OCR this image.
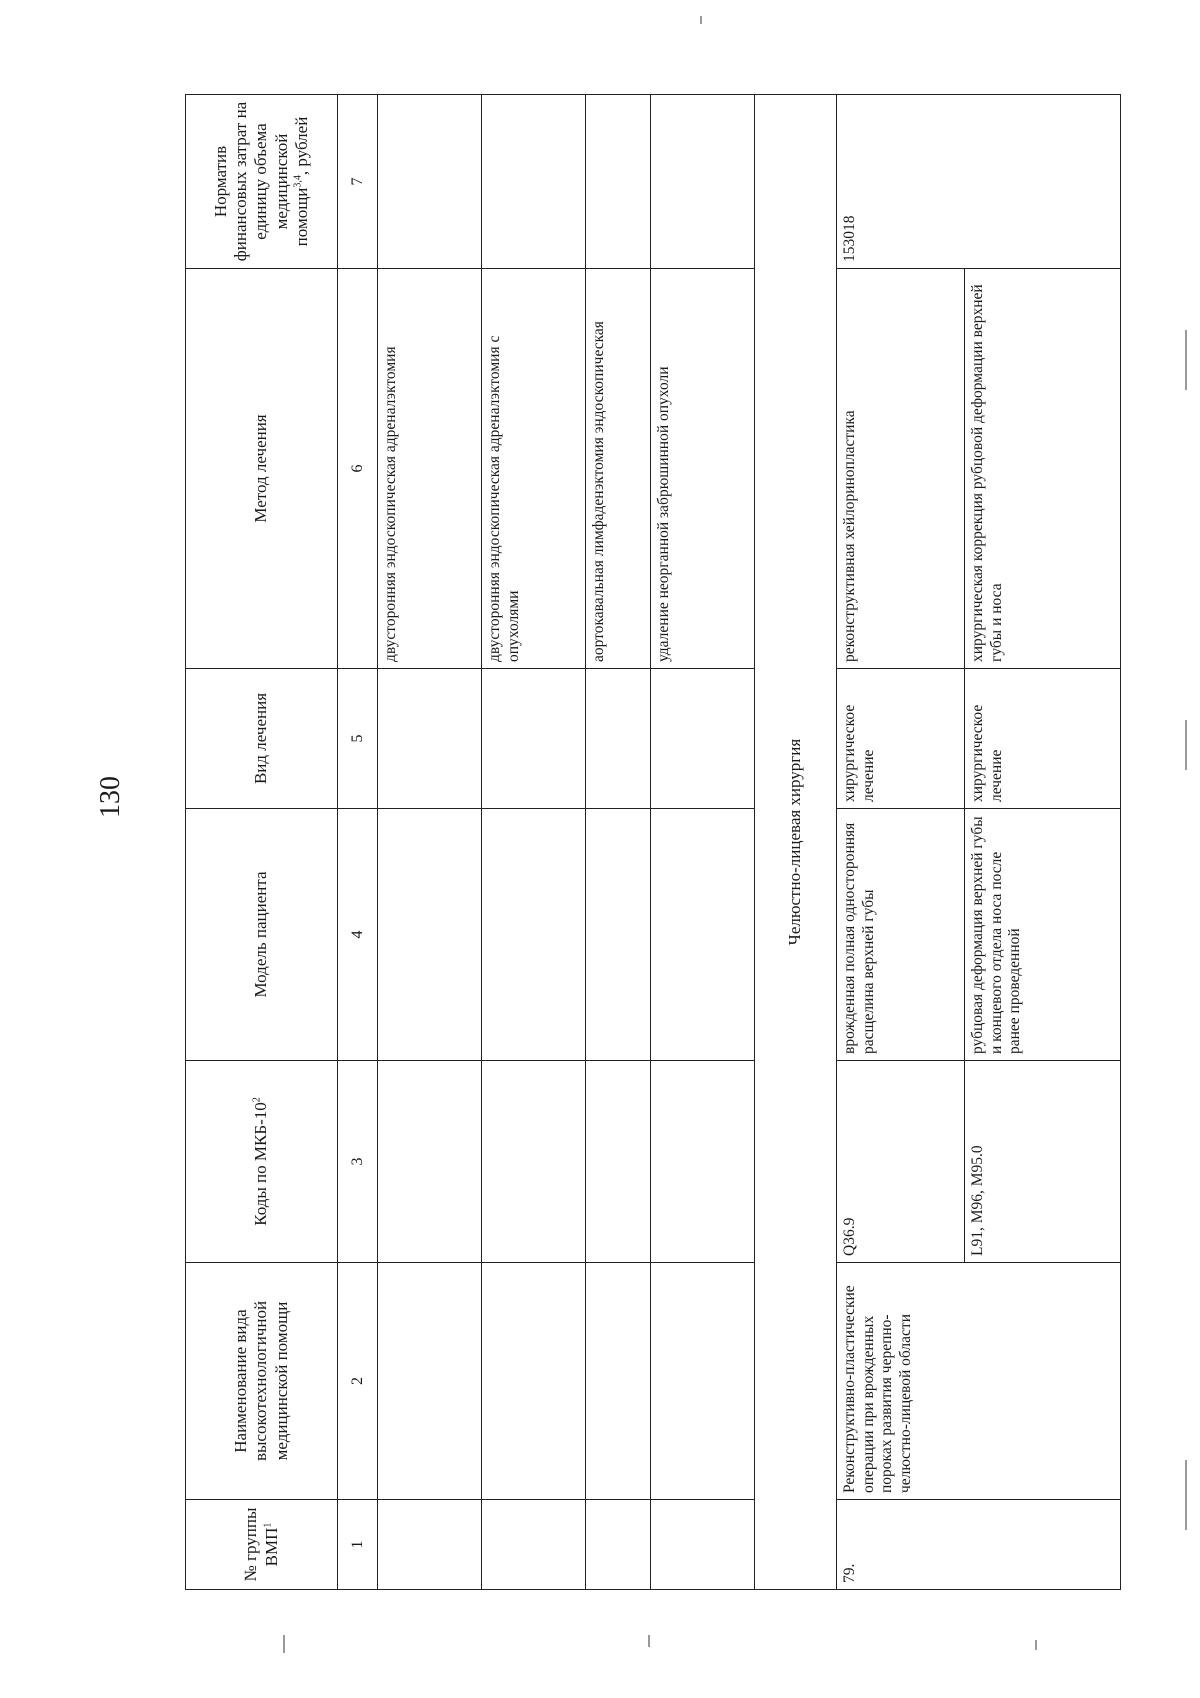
130
№ группы ВМП$^1$	Наименование вида высокотехнологичной медицинской помощи	Коды по МКБ-$10^2$	Модель пациента	Вид лечения	Метод лечения	Норматив финансовых затрат на единицу объема медицинской помощи$^{3,4}$, рублей
1	2	3	4	5	6	7
					двусторонняя эндоскопическая адреналэктомия	
					двусторонняя эндоскопическая адреналэктомия с опухолями	
					аортокавальная лимфаденэктомия эндоскопическая	
					удаление неорганной забрюшинной опухоли	
Челюстно-лицевая хирургия						
79.	Реконструктивно-пластические операции при врожденных пороках развития черепно-челюстно-лицевой области	Q36.9	врожденная полная односторонняя расщелина верхней губы	хирургическое лечение	реконструктивная хейлоринопластика	153018
		L91, M96, M95.0	рубцовая деформация верхней губы и концевого отдела носа после ранее проведенной	хирургическое лечение	хирургическая коррекция рубцовой деформации верхней губы и носа	
